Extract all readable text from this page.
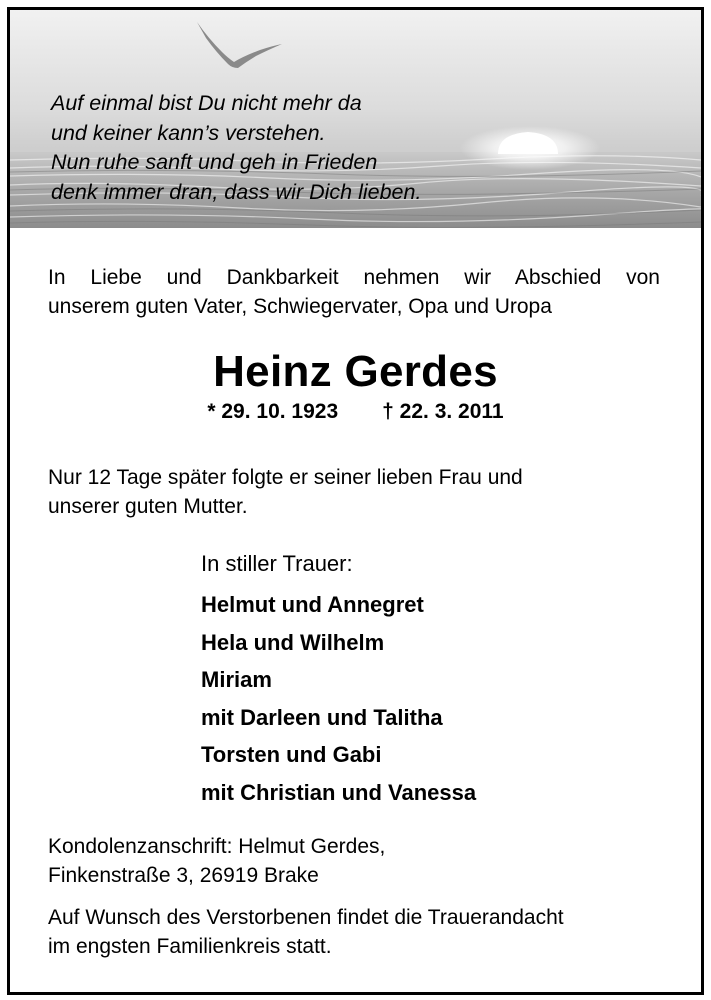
Auf einmal bist Du nicht mehr da
und keiner kann’s verstehen.
Nun ruhe sanft und geh in Frieden
denk immer dran, dass wir Dich lieben.
In Liebe und Dankbarkeit nehmen wir Abschied von
unserem guten Vater, Schwiegervater, Opa und Uropa
Heinz Gerdes
* 29. 10. 1923 † 22. 3. 2011
Nur 12 Tage später folgte er seiner lieben Frau und
unserer guten Mutter.
In stiller Trauer:
Helmut und Annegret
Hela und Wilhelm
Miriam
mit Darleen und Talitha
Torsten und Gabi
mit Christian und Vanessa
Kondolenzanschrift: Helmut Gerdes,
Finkenstraße 3, 26919 Brake
Auf Wunsch des Verstorbenen findet die Trauerandacht
im engsten Familienkreis statt.
